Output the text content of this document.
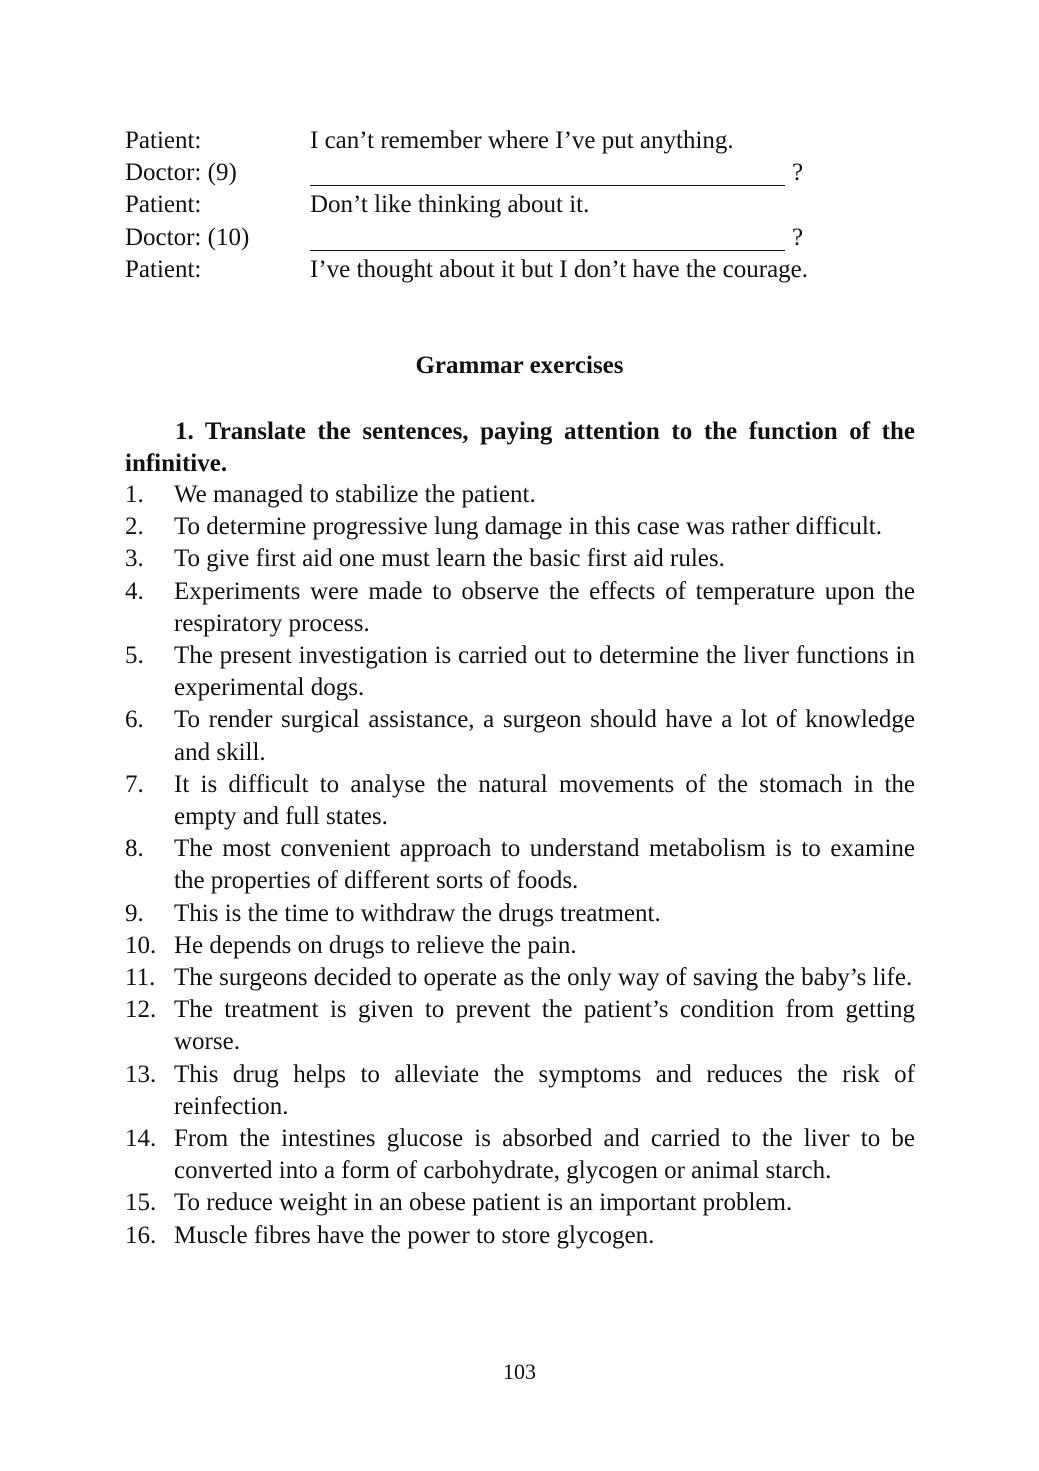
Patient:	I can’t remember where I’ve put anything.
Doctor: (9)	?
Patient:	Don’t like thinking about it.
Doctor: (10)	?
Patient:	I’ve thought about it but I don’t have the courage.
Grammar exercises

1. Translate the sentences, paying attention to the function of the infinitive.

1. We managed to stabilize the patient.
2. To determine progressive lung damage in this case was rather difficult.
3. To give first aid one must learn the basic first aid rules.
4. Experiments were made to observe the effects of temperature upon the respiratory process.
5. The present investigation is carried out to determine the liver functions in experimental dogs.
6. To render surgical assistance, a surgeon should have a lot of knowledge and skill.
7. It is difficult to analyse the natural movements of the stomach in the empty and full states.
8. The most convenient approach to understand metabolism is to examine the properties of different sorts of foods.
9. This is the time to withdraw the drugs treatment.
10. He depends on drugs to relieve the pain.
11. The surgeons decided to operate as the only way of saving the baby’s life.
12. The treatment is given to prevent the patient’s condition from getting worse.
13. This drug helps to alleviate the symptoms and reduces the risk of reinfection.
14. From the intestines glucose is absorbed and carried to the liver to be converted into a form of carbohydrate, glycogen or animal starch.
15. To reduce weight in an obese patient is an important problem.
16. Muscle fibres have the power to store glycogen.
103
